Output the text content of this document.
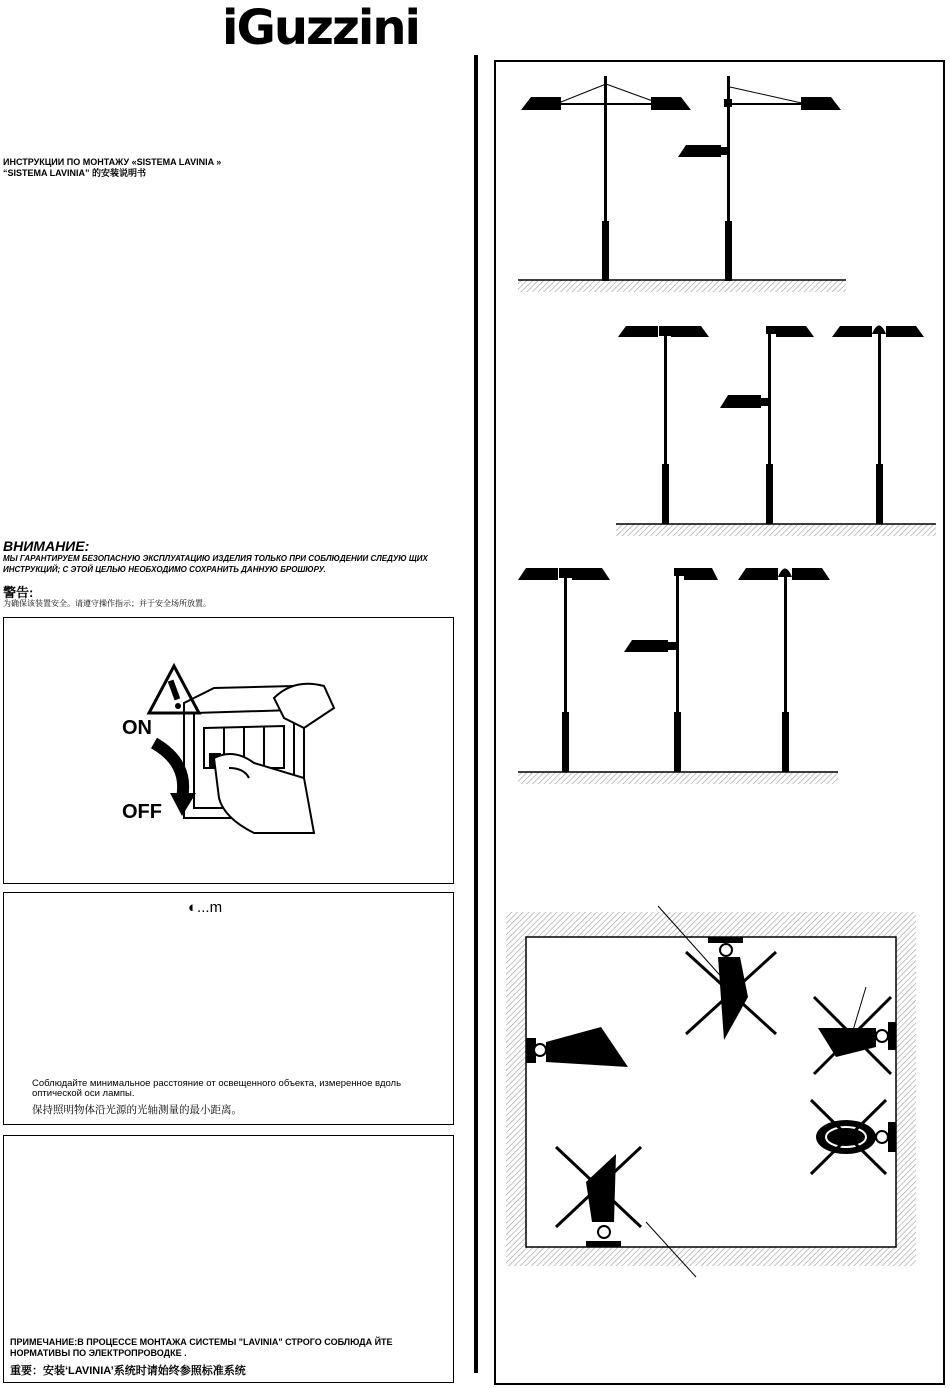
iGuzzini
ИНСТРУКЦИИ ПО МОНТАЖУ «SISTEMA LAVINIA »
“SISTEMA LAVINIA” 的安装说明书
ВНИМАНИЕ:
МЫ ГАРАНТИРУЕМ БЕЗОПАСНУЮ ЭКСПЛУАТАЦИЮ ИЗДЕЛИЯ ТОЛЬКО ПРИ СОБЛЮДЕНИИ СЛЕДУЮ ЩИХ ИНСТРУКЦИЙ; С ЭТОЙ ЦЕЛЬЮ НЕОБХОДИМО СОХРАНИТЬ ДАННУЮ БРОШЮРУ.
警告:
为确保该装置安全。请遵守操作指示；并于安全场所放置。
ON
OFF
◐...m
Соблюдайте минимальное расстояние от освещенного объекта, измеренное вдоль оптической оси лампы.
保持照明物体沿光源的光轴测量的最小距离。
ПРИМЕЧАНИЕ:В ПРОЦЕССЕ МОНТАЖА СИСТЕМЫ "LAVINIA" СТРОГО СОБЛЮДА ЙТЕ НОРМАТИВЫ ПО ЭЛЕКТРОПРОВОДКЕ .
重要：安装‘LAVINIA’系统时请始终参照标准系统
